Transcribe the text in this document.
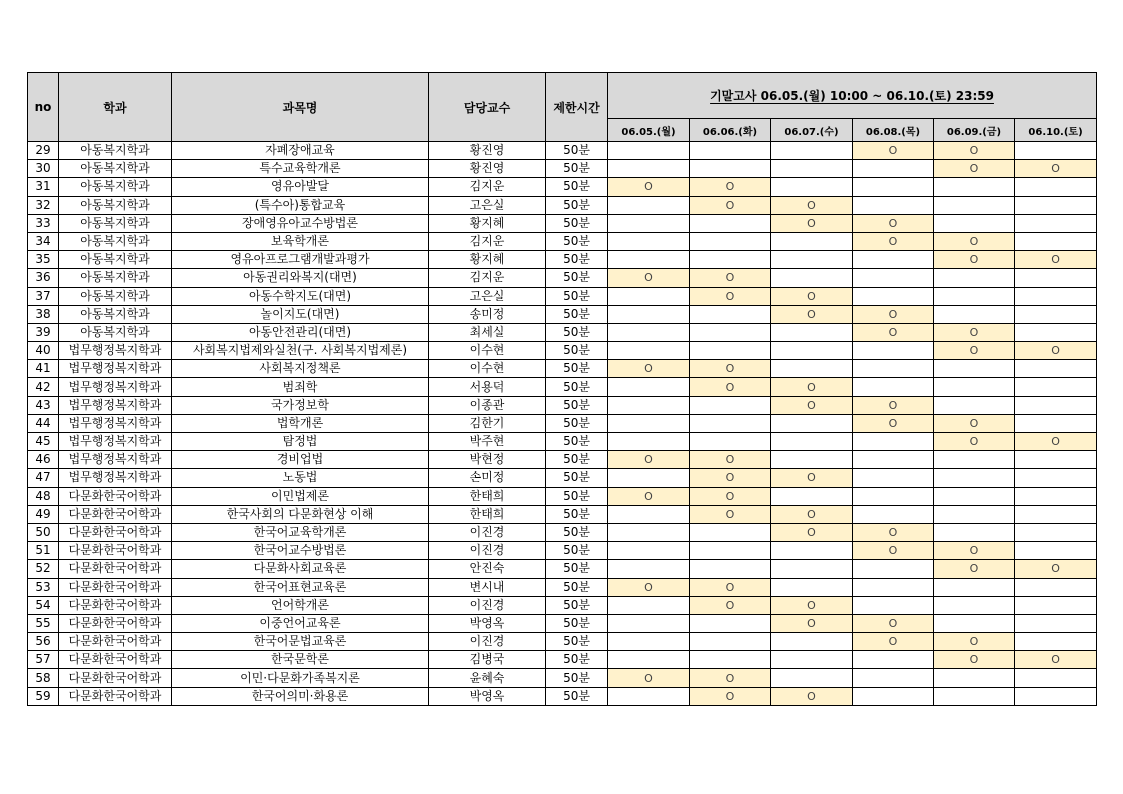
no	학과	과목명	담당교수	제한시간	기말고사 06.05.(월) 10:00 ~ 06.10.(토) 23:59					
					06.05.(월)	06.06.(화)	06.07.(수)	06.08.(목)	06.09.(금)	06.10.(토)
29	아동복지학과	자폐장애교육	황진영	50분				O	O	
30	아동복지학과	특수교육학개론	황진영	50분					O	O
31	아동복지학과	영유아발달	김지운	50분	O	O				
32	아동복지학과	(특수아)통합교육	고은실	50분		O	O			
33	아동복지학과	장애영유아교수방법론	황지혜	50분			O	O		
34	아동복지학과	보육학개론	김지운	50분				O	O	
35	아동복지학과	영유아프로그램개발과평가	황지혜	50분					O	O
36	아동복지학과	아동권리와복지(대면)	김지운	50분	O	O				
37	아동복지학과	아동수학지도(대면)	고은실	50분		O	O			
38	아동복지학과	놀이지도(대면)	송미정	50분			O	O		
39	아동복지학과	아동안전관리(대면)	최세실	50분				O	O	
40	법무행정복지학과	사회복지법제와실천(구. 사회복지법제론)	이수현	50분					O	O
41	법무행정복지학과	사회복지정책론	이수현	50분	O	O				
42	법무행정복지학과	범죄학	서용덕	50분		O	O			
43	법무행정복지학과	국가정보학	이종관	50분			O	O		
44	법무행정복지학과	법학개론	김한기	50분				O	O	
45	법무행정복지학과	탐정법	박주현	50분					O	O
46	법무행정복지학과	경비업법	박현정	50분	O	O				
47	법무행정복지학과	노동법	손미정	50분		O	O			
48	다문화한국어학과	이민법제론	한태희	50분	O	O				
49	다문화한국어학과	한국사회의 다문화현상 이해	한태희	50분		O	O			
50	다문화한국어학과	한국어교육학개론	이진경	50분			O	O		
51	다문화한국어학과	한국어교수방법론	이진경	50분				O	O	
52	다문화한국어학과	다문화사회교육론	안진숙	50분					O	O
53	다문화한국어학과	한국어표현교육론	변시내	50분	O	O				
54	다문화한국어학과	언어학개론	이진경	50분		O	O			
55	다문화한국어학과	이중언어교육론	박영옥	50분			O	O		
56	다문화한국어학과	한국어문법교육론	이진경	50분				O	O	
57	다문화한국어학과	한국문학론	김병국	50분					O	O
58	다문화한국어학과	이민·다문화가족복지론	윤혜숙	50분	O	O				
59	다문화한국어학과	한국어의미·화용론	박영옥	50분		O	O			
